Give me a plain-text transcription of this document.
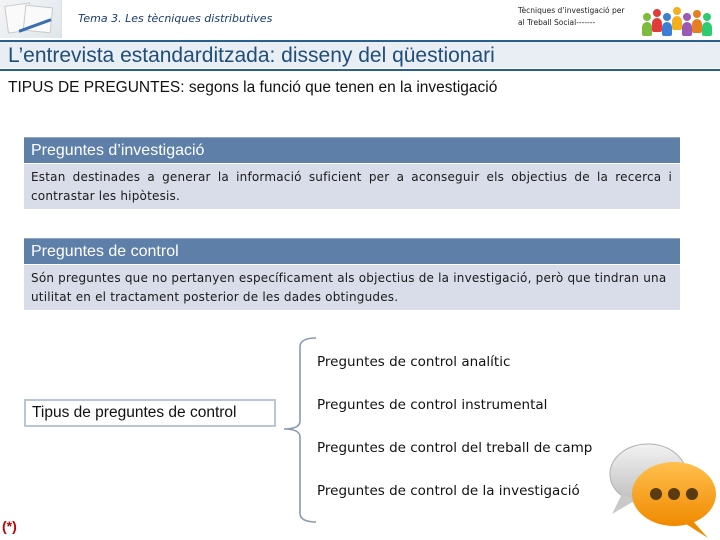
Tema 3. Les tècniques distributives
Tècniques d’investigació per
al Treball Social-------
L’entrevista estandarditzada: disseny del qüestionari
TIPUS DE PREGUNTES: segons la funció que tenen en la investigació
Preguntes d’investigació
Estan destinades a generar la informació suficient per a aconseguir els objectius de la recerca i contrastar les hipòtesis.
Preguntes de control
Són preguntes que no pertanyen específicament als objectius de la investigació, però que tindran una utilitat en el tractament posterior de les dades obtingudes.
Tipus de preguntes de control
Preguntes de control analític
Preguntes de control instrumental
Preguntes de control del treball de camp
Preguntes de control de la investigació
(*)
